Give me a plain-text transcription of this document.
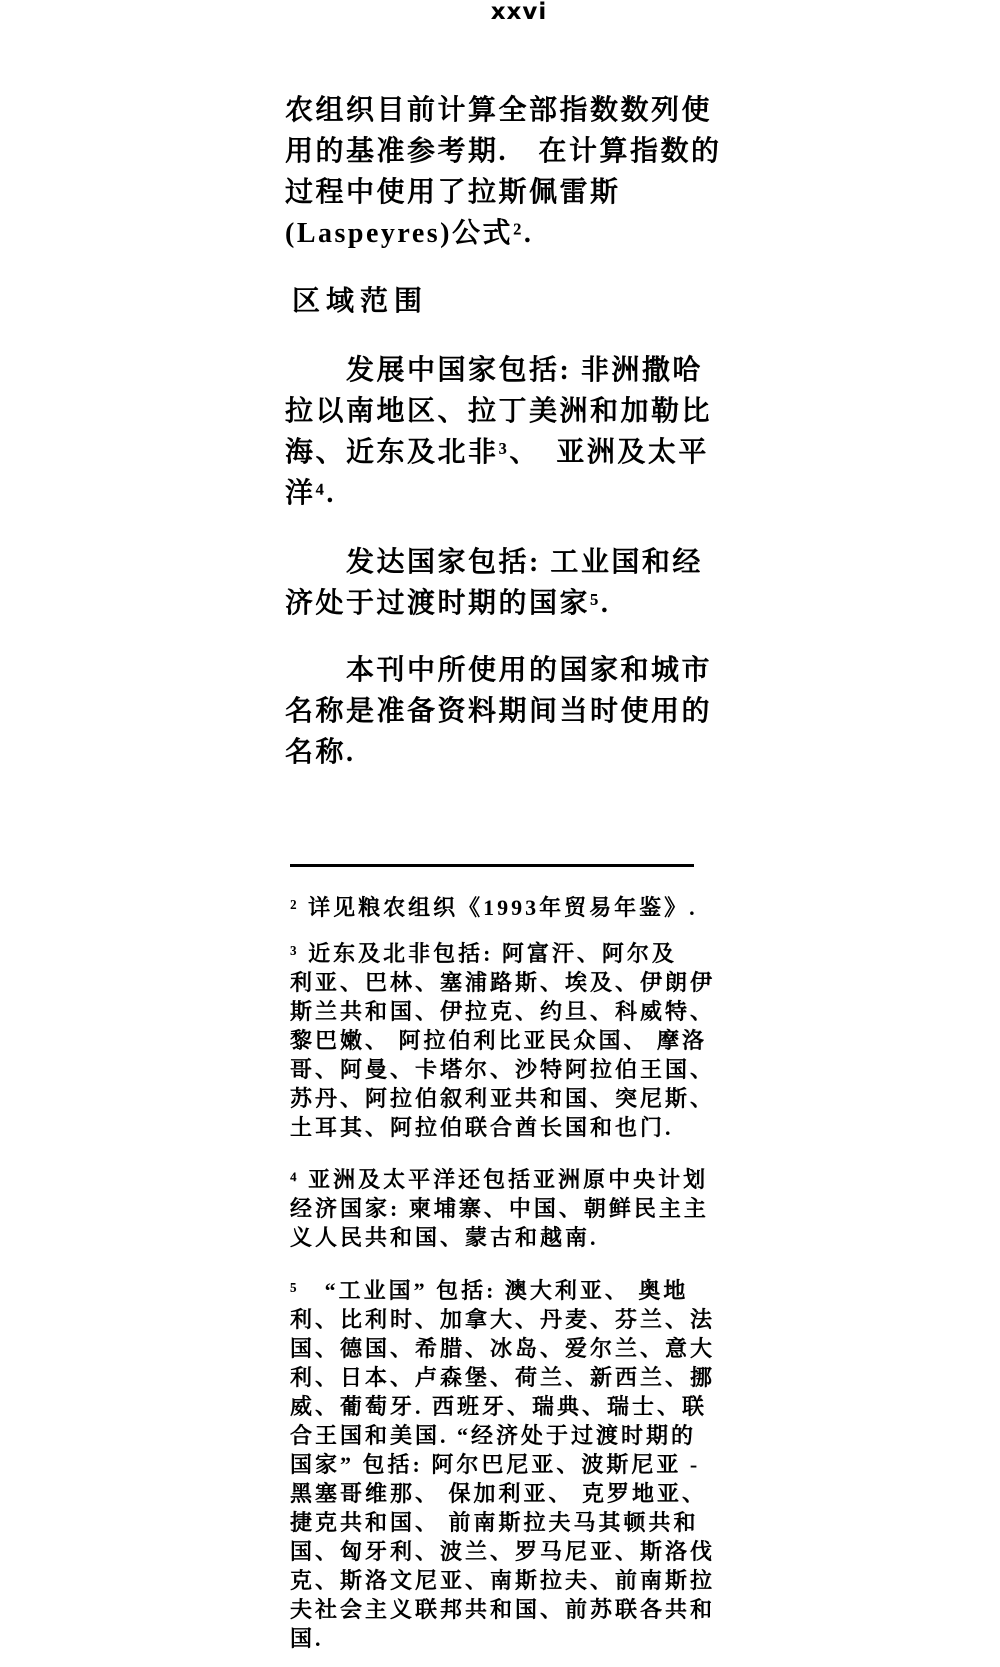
xxvi
农组织目前计算全部指数数列使
用的基准参考期.　在计算指数的
过程中使用了拉斯佩雷斯
(Laspeyres)公式².
区域范围
发展中国家包括: 非洲撒哈
拉以南地区、拉丁美洲和加勒比
海、近东及北非³、　亚洲及太平
洋⁴.
发达国家包括: 工业国和经
济处于过渡时期的国家⁵.
本刊中所使用的国家和城市
名称是准备资料期间当时使用的
名称.
² 详见粮农组织《1993年贸易年鉴》.
³ 近东及北非包括: 阿富汗、阿尔及
利亚、巴林、塞浦路斯、埃及、伊朗伊
斯兰共和国、伊拉克、约旦、科威特、
黎巴嫩、 阿拉伯利比亚民众国、 摩洛
哥、阿曼、卡塔尔、沙特阿拉伯王国、
苏丹、阿拉伯叙利亚共和国、突尼斯、
土耳其、阿拉伯联合酋长国和也门.
⁴ 亚洲及太平洋还包括亚洲原中央计划
经济国家: 柬埔寨、中国、朝鲜民主主
义人民共和国、蒙古和越南.
⁵　“工业国” 包括: 澳大利亚、 奥地
利、比利时、加拿大、丹麦、芬兰、法
国、德国、希腊、冰岛、爱尔兰、意大
利、日本、卢森堡、荷兰、新西兰、挪
威、葡萄牙. 西班牙、瑞典、瑞士、联
合王国和美国. “经济处于过渡时期的
国家” 包括: 阿尔巴尼亚、波斯尼亚 -
黑塞哥维那、 保加利亚、 克罗地亚、
捷克共和国、 前南斯拉夫马其顿共和
国、匈牙利、波兰、罗马尼亚、斯洛伐
克、斯洛文尼亚、南斯拉夫、前南斯拉
夫社会主义联邦共和国、前苏联各共和
国.
